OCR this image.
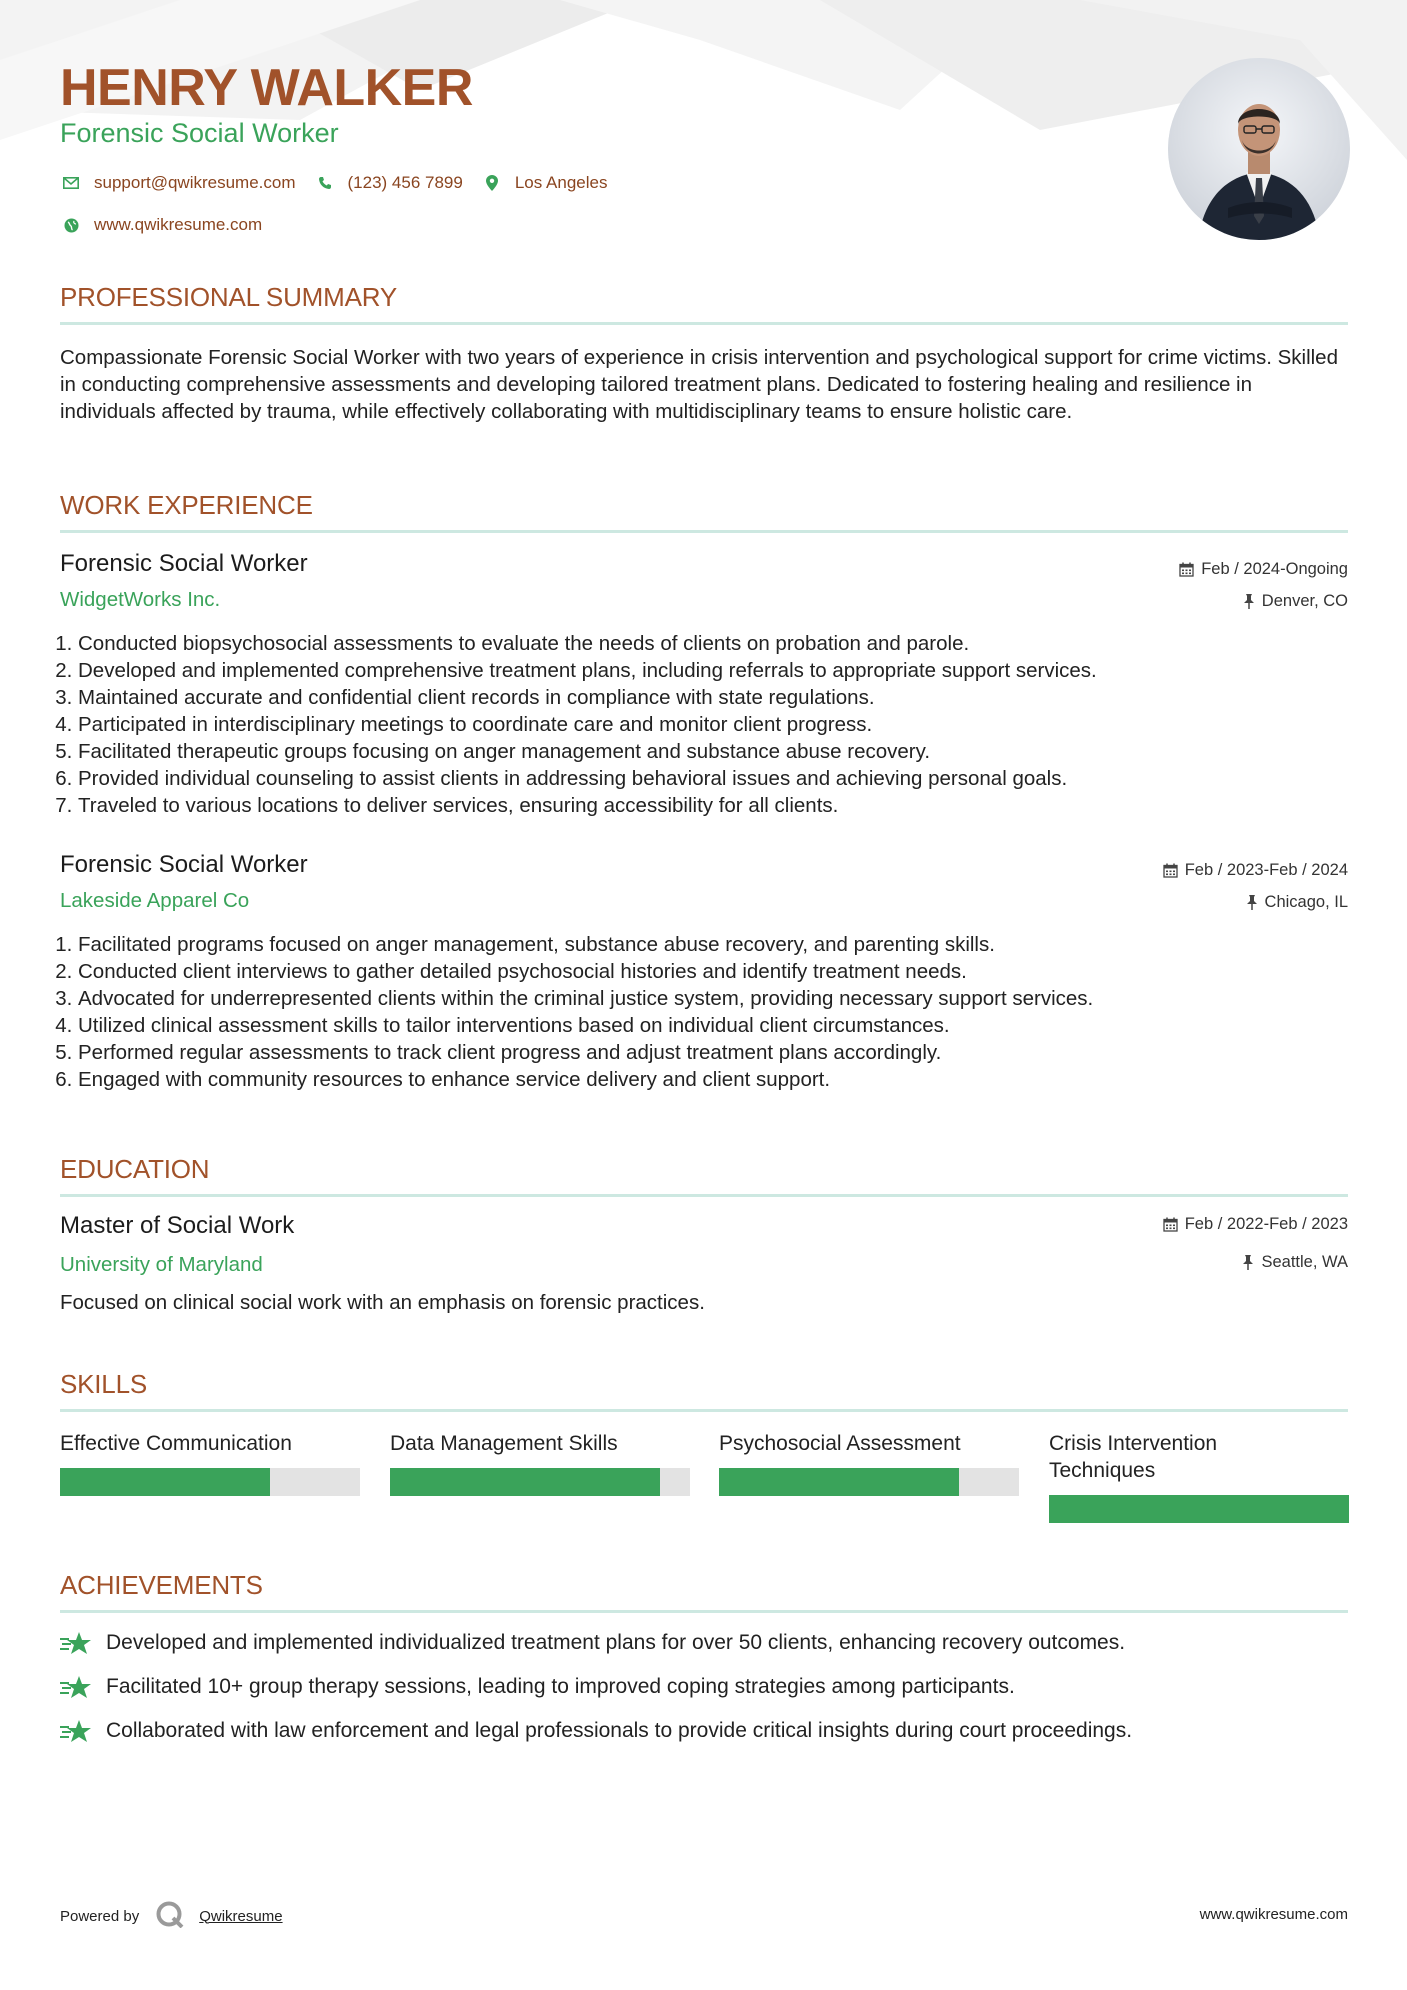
HENRY WALKER
Forensic Social Worker
support@qwikresume.com	(123) 456 7899	Los Angeles
www.qwikresume.com
PROFESSIONAL SUMMARY
Compassionate Forensic Social Worker with two years of experience in crisis intervention and psychological support for crime victims. Skilled in conducting comprehensive assessments and developing tailored treatment plans. Dedicated to fostering healing and resilience in individuals affected by trauma, while effectively collaborating with multidisciplinary teams to ensure holistic care.
WORK EXPERIENCE
Forensic Social Worker	Feb / 2024-Ongoing
WidgetWorks Inc.	Denver, CO
1. Conducted biopsychosocial assessments to evaluate the needs of clients on probation and parole.
2. Developed and implemented comprehensive treatment plans, including referrals to appropriate support services.
3. Maintained accurate and confidential client records in compliance with state regulations.
4. Participated in interdisciplinary meetings to coordinate care and monitor client progress.
5. Facilitated therapeutic groups focusing on anger management and substance abuse recovery.
6. Provided individual counseling to assist clients in addressing behavioral issues and achieving personal goals.
7. Traveled to various locations to deliver services, ensuring accessibility for all clients.
Forensic Social Worker	Feb / 2023-Feb / 2024
Lakeside Apparel Co	Chicago, IL
1. Facilitated programs focused on anger management, substance abuse recovery, and parenting skills.
2. Conducted client interviews to gather detailed psychosocial histories and identify treatment needs.
3. Advocated for underrepresented clients within the criminal justice system, providing necessary support services.
4. Utilized clinical assessment skills to tailor interventions based on individual client circumstances.
5. Performed regular assessments to track client progress and adjust treatment plans accordingly.
6. Engaged with community resources to enhance service delivery and client support.
EDUCATION
Master of Social Work	Feb / 2022-Feb / 2023
University of Maryland	Seattle, WA
Focused on clinical social work with an emphasis on forensic practices.
SKILLS
Effective Communication	Data Management Skills	Psychosocial Assessment	Crisis Intervention Techniques
ACHIEVEMENTS
Developed and implemented individualized treatment plans for over 50 clients, enhancing recovery outcomes.
Facilitated 10+ group therapy sessions, leading to improved coping strategies among participants.
Collaborated with law enforcement and legal professionals to provide critical insights during court proceedings.
Powered by	Qwikresume	www.qwikresume.com
